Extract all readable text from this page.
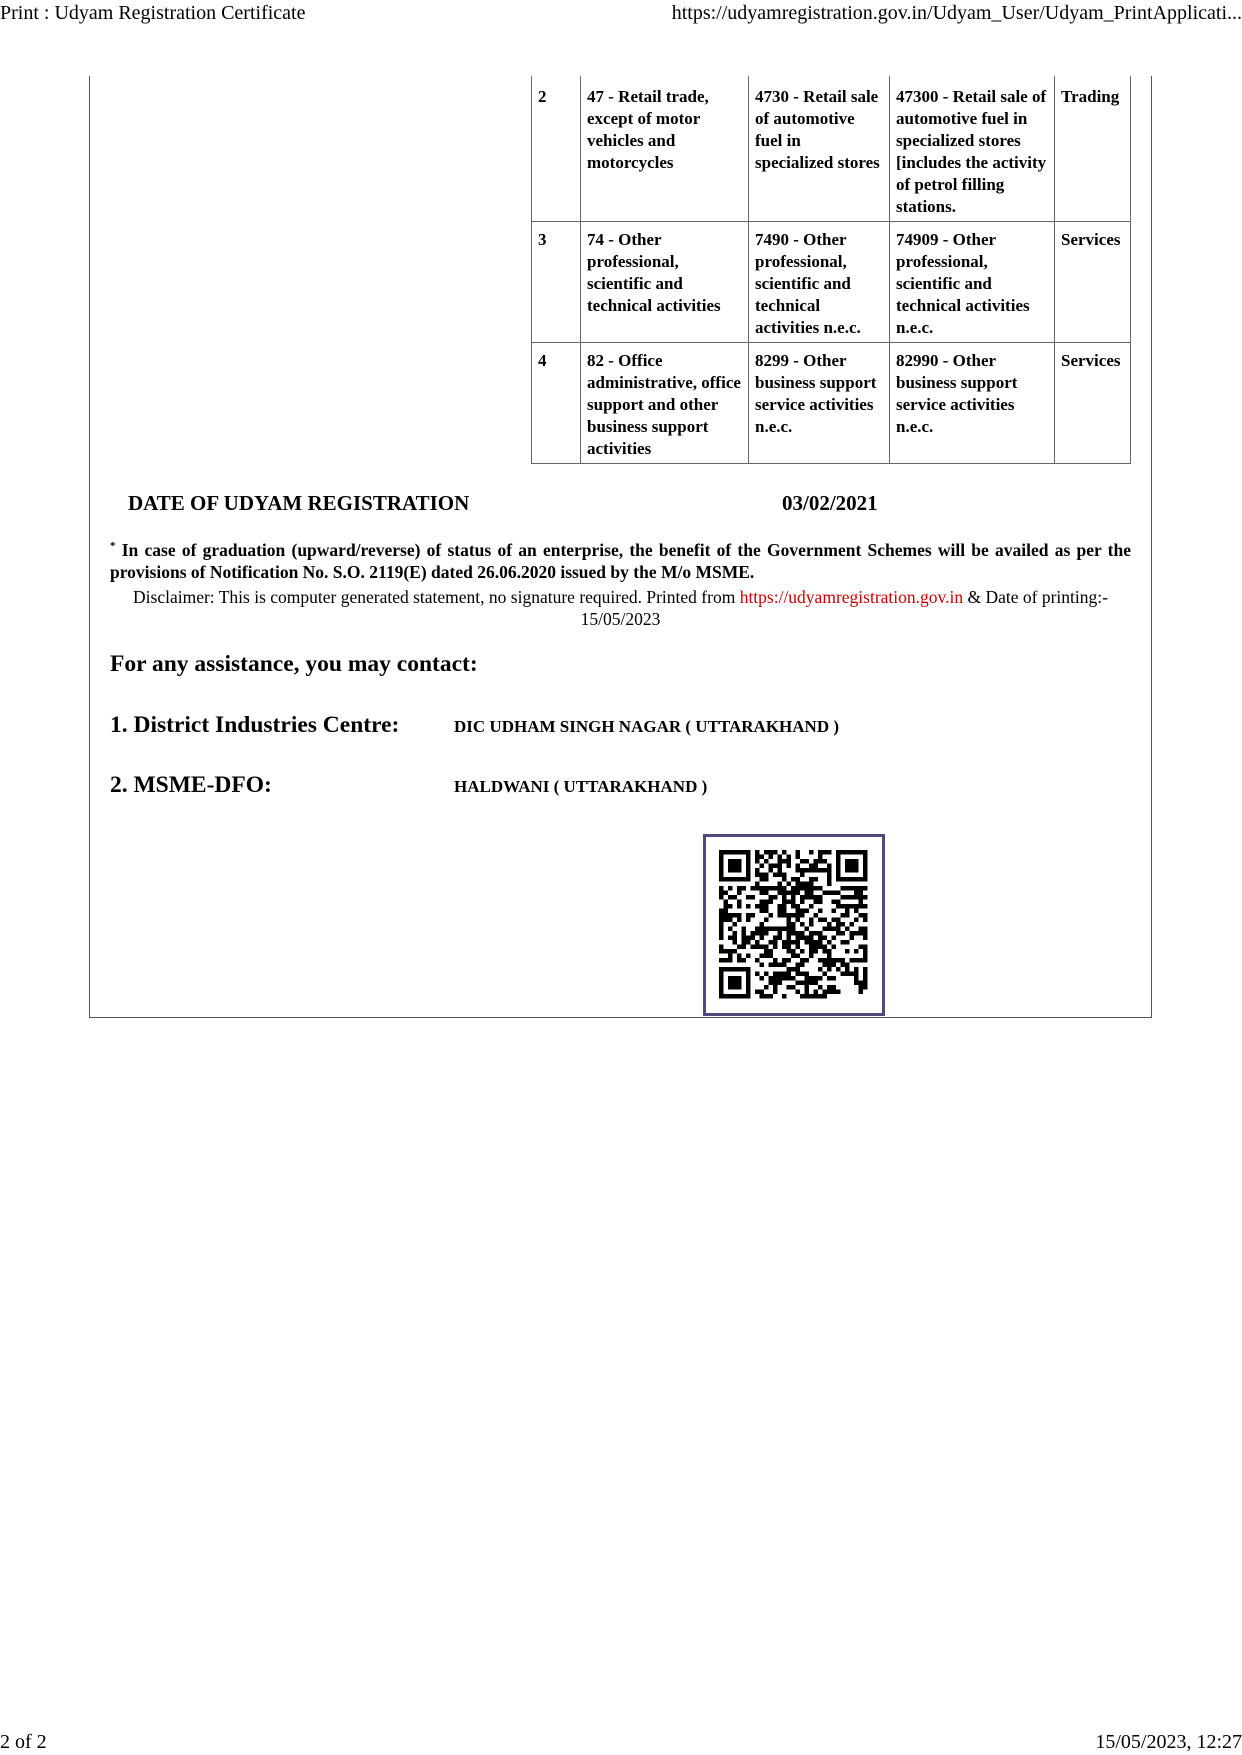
Print : Udyam Registration Certificate	https://udyamregistration.gov.in/Udyam_User/Udyam_PrintApplicati...
2	47 - Retail trade, except of motor vehicles and motorcycles	4730 - Retail sale of automotive fuel in specialized stores	47300 - Retail sale of automotive fuel in specialized stores [includes the activity of petrol filling stations.	Trading
3	74 - Other professional, scientific and technical activities	7490 - Other professional, scientific and technical activities n.e.c.	74909 - Other professional, scientific and technical activities n.e.c.	Services
4	82 - Office administrative, office support and other business support activities	8299 - Other business support service activities n.e.c.	82990 - Other business support service activities n.e.c.	Services
DATE OF UDYAM REGISTRATION	03/02/2021
* In case of graduation (upward/reverse) of status of an enterprise, the benefit of the Government Schemes will be availed as per the provisions of Notification No. S.O. 2119(E) dated 26.06.2020 issued by the M/o MSME.
Disclaimer: This is computer generated statement, no signature required. Printed from https://udyamregistration.gov.in & Date of printing:- 15/05/2023
For any assistance, you may contact:
1. District Industries Centre:	DIC UDHAM SINGH NAGAR ( UTTARAKHAND )
2. MSME-DFO:	HALDWANI ( UTTARAKHAND )
2 of 2	15/05/2023, 12:27
